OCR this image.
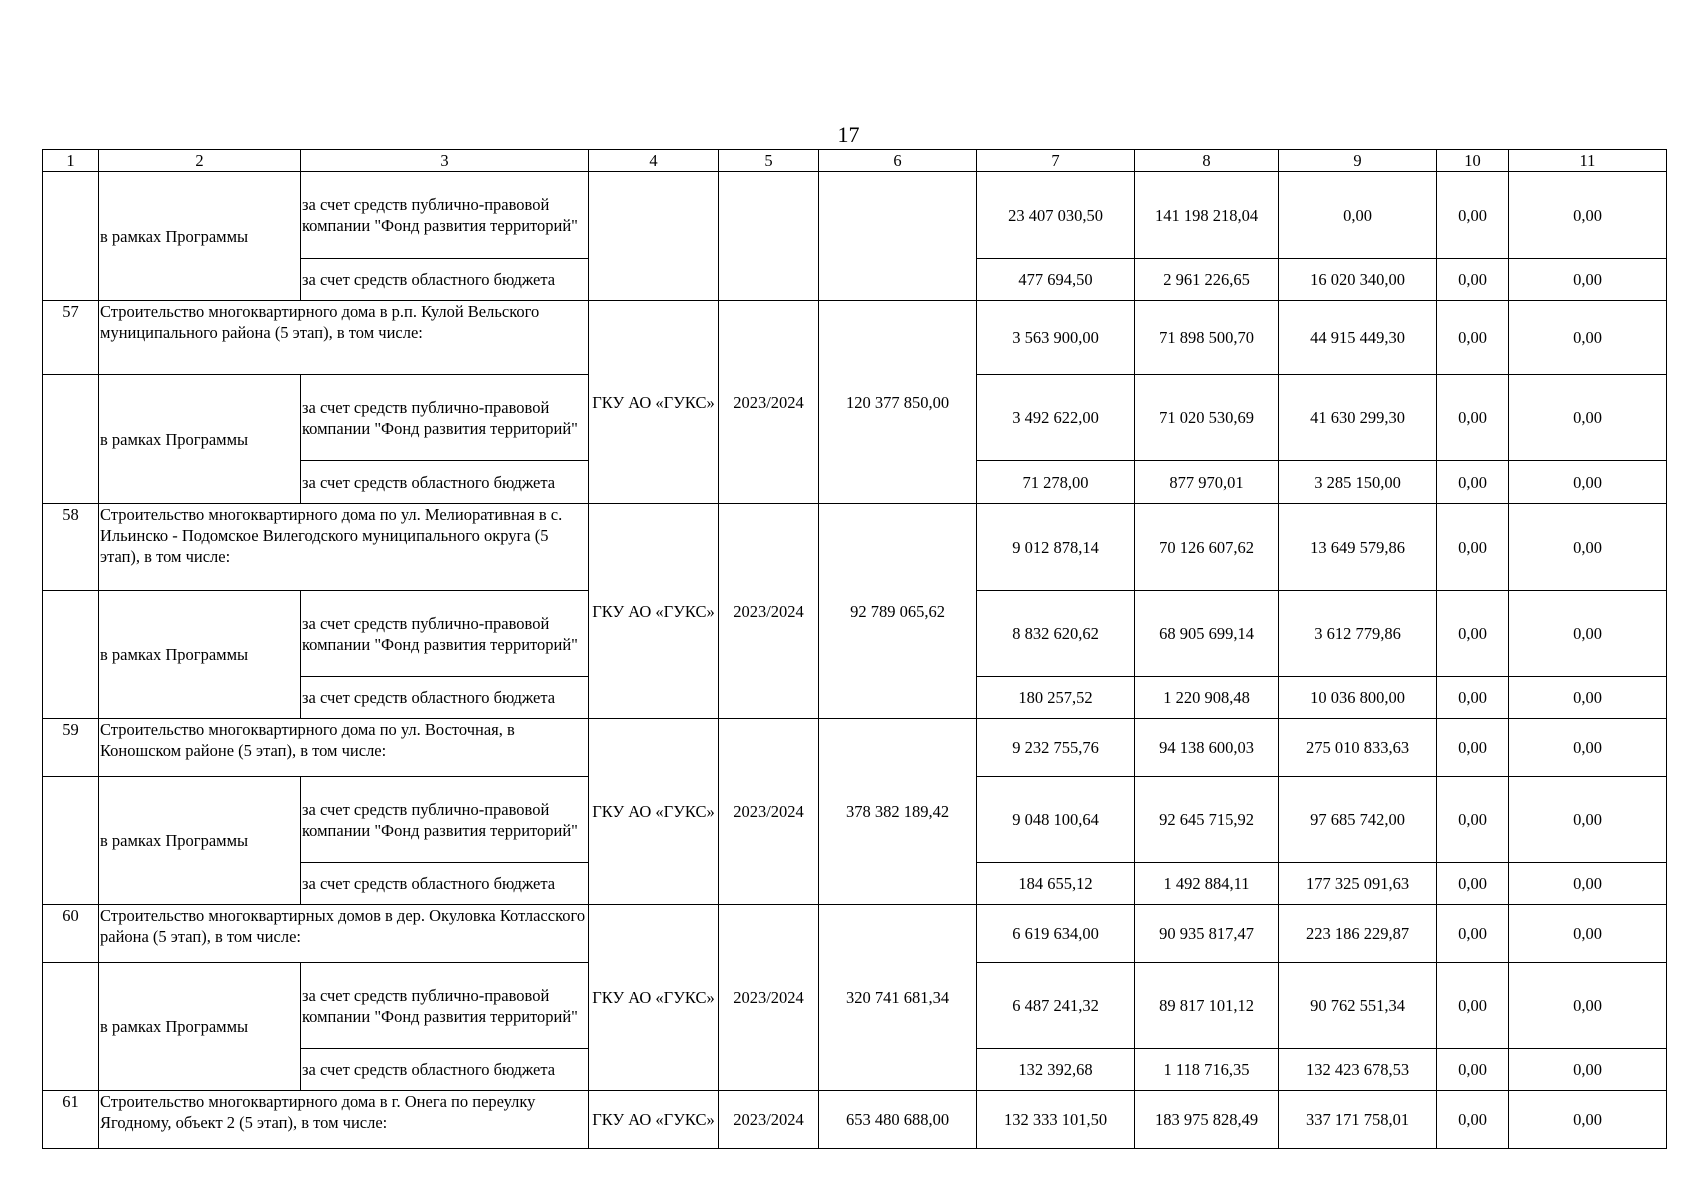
17
1	2	3	4	5	6	7	8	9	10	11
	в рамках Программы	за счет средств публично-правовой компании "Фонд развития территорий"				23 407 030,50	141 198 218,04	0,00	0,00	0,00
		за счет средств областного бюджета				477 694,50	2 961 226,65	16 020 340,00	0,00	0,00
57	Строительство многоквартирного дома в р.п. Кулой Вельского муниципального района (5 этап), в том числе:		ГКУ АО «ГУКС»	2023/2024	120 377 850,00	3 563 900,00	71 898 500,70	44 915 449,30	0,00	0,00
	в рамках Программы	за счет средств публично-правовой компании "Фонд развития территорий"				3 492 622,00	71 020 530,69	41 630 299,30	0,00	0,00
		за счет средств областного бюджета				71 278,00	877 970,01	3 285 150,00	0,00	0,00
58	Строительство многоквартирного дома по ул. Мелиоративная в с. Ильинско - Подомское Вилегодского муниципального округа (5 этап), в том числе:		ГКУ АО «ГУКС»	2023/2024	92 789 065,62	9 012 878,14	70 126 607,62	13 649 579,86	0,00	0,00
	в рамках Программы	за счет средств публично-правовой компании "Фонд развития территорий"				8 832 620,62	68 905 699,14	3 612 779,86	0,00	0,00
		за счет средств областного бюджета				180 257,52	1 220 908,48	10 036 800,00	0,00	0,00
59	Строительство многоквартирного дома по ул. Восточная, в Коношском районе (5 этап), в том числе:		ГКУ АО «ГУКС»	2023/2024	378 382 189,42	9 232 755,76	94 138 600,03	275 010 833,63	0,00	0,00
	в рамках Программы	за счет средств публично-правовой компании "Фонд развития территорий"				9 048 100,64	92 645 715,92	97 685 742,00	0,00	0,00
		за счет средств областного бюджета				184 655,12	1 492 884,11	177 325 091,63	0,00	0,00
60	Строительство многоквартирных домов в дер. Окуловка Котласского района (5 этап), в том числе:		ГКУ АО «ГУКС»	2023/2024	320 741 681,34	6 619 634,00	90 935 817,47	223 186 229,87	0,00	0,00
	в рамках Программы	за счет средств публично-правовой компании "Фонд развития территорий"				6 487 241,32	89 817 101,12	90 762 551,34	0,00	0,00
		за счет средств областного бюджета				132 392,68	1 118 716,35	132 423 678,53	0,00	0,00
61	Строительство многоквартирного дома в г. Онега по переулку Ягодному, объект 2 (5 этап), в том числе:		ГКУ АО «ГУКС»	2023/2024	653 480 688,00	132 333 101,50	183 975 828,49	337 171 758,01	0,00	0,00
